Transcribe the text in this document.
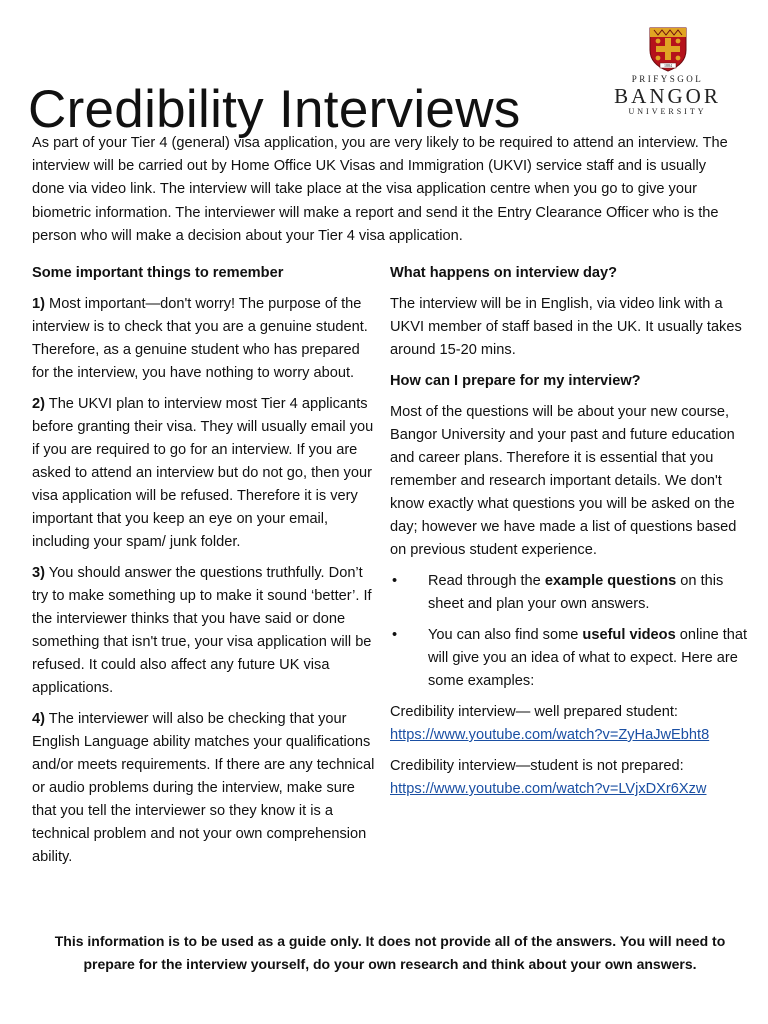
Credibility Interviews
1884
PRIFYSGOL
BANGOR
UNIVERSITY
As part of your Tier 4 (general) visa application, you are very likely to be required to attend an interview. The interview will be carried out by Home Office UK Visas and Immigration (UKVI) service staff and is usually done via video link. The interview will take place at the visa application centre when you go to give your biometric information. The interviewer will make a report and send it the Entry Clearance Officer who is the person who will make a decision about your Tier 4 visa application.

Some important things to remember

1) Most important—don't worry! The purpose of the interview is to check that you are a genuine student. Therefore, as a genuine student who has prepared for the interview, you have nothing to worry about.

2) The UKVI plan to interview most Tier 4 applicants before granting their visa. They will usually email you if you are required to go for an interview. If you are asked to attend an interview but do not go, then your visa application will be refused. Therefore it is very important that you keep an eye on your email, including your spam/ junk folder.

3) You should answer the questions truthfully. Don’t try to make something up to make it sound ‘better’. If the interviewer thinks that you have said or done something that isn't true, your visa application will be refused. It could also affect any future UK visa applications.

4) The interviewer will also be checking that your English Language ability matches your qualifications and/or meets requirements. If there are any technical or audio problems during the interview, make sure that you tell the interviewer so they know it is a technical problem and not your own comprehension ability.

What happens on interview day?

The interview will be in English, via video link with a UKVI member of staff based in the UK. It usually takes around 15-20 mins.

How can I prepare for my interview?

Most of the questions will be about your new course, Bangor University and your past and future education and career plans. Therefore it is essential that you remember and research important details. We don't know exactly what questions you will be asked on the day; however we have made a list of questions based on previous student experience.

•	Read through the example questions on this sheet and plan your own answers.
•	You can also find some useful videos online that will give you an idea of what to expect. Here are some examples:

Credibility interview— well prepared student:
https://www.youtube.com/watch?v=ZyHaJwEbht8

Credibility interview—student is not prepared:
https://www.youtube.com/watch?v=LVjxDXr6Xzw

This information is to be used as a guide only. It does not provide all of the answers. You will need to prepare for the interview yourself, do your own research and think about your own answers.
